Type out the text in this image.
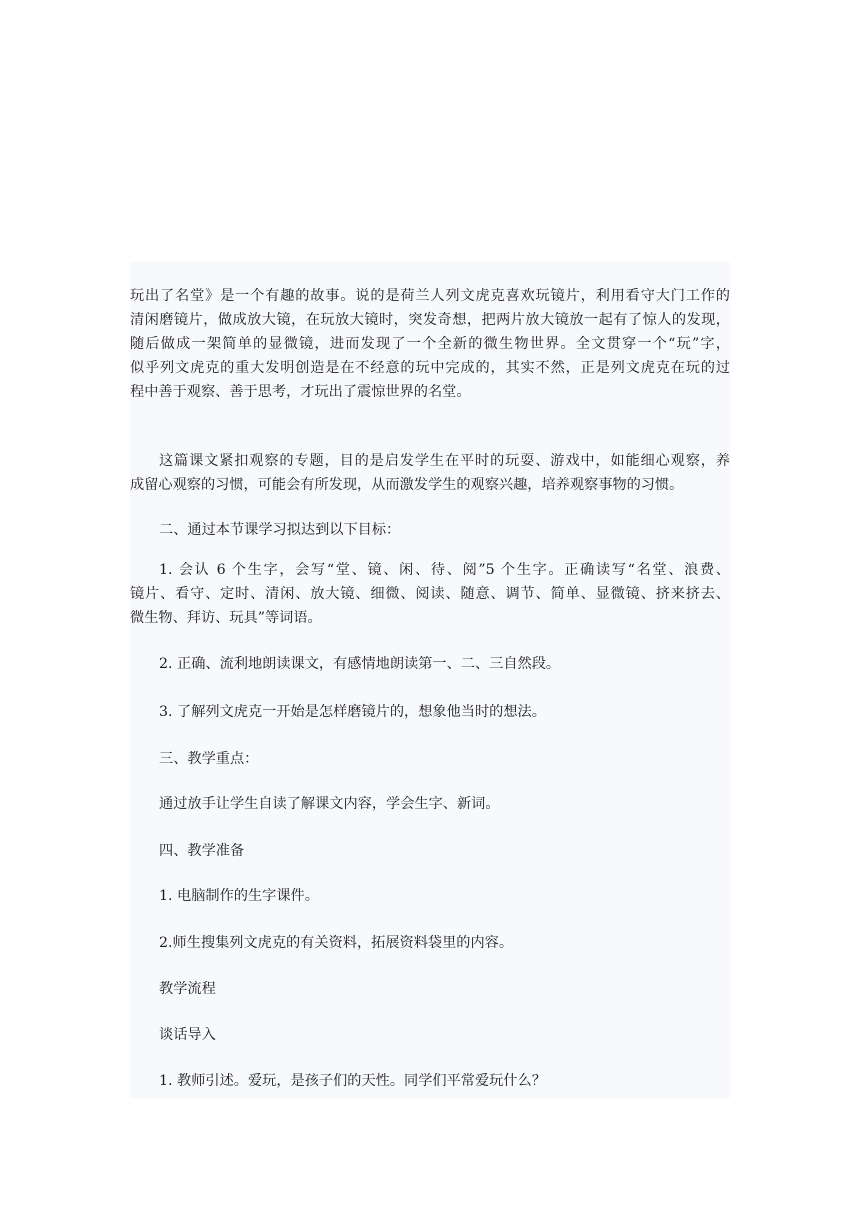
玩出了名堂》是一个有趣的故事。说的是荷兰人列文虎克喜欢玩镜片，利用看守大门工作的
清闲磨镜片，做成放大镜，在玩放大镜时，突发奇想，把两片放大镜放一起有了惊人的发现，
随后做成一架简单的显微镜，进而发现了一个全新的微生物世界。全文贯穿一个“玩”字，
似乎列文虎克的重大发明创造是在不经意的玩中完成的，其实不然，正是列文虎克在玩的过
程中善于观察、善于思考，才玩出了震惊世界的名堂。

这篇课文紧扣观察的专题，目的是启发学生在平时的玩耍、游戏中，如能细心观察，养
成留心观察的习惯，可能会有所发现，从而激发学生的观察兴趣，培养观察事物的习惯。

二、通过本节课学习拟达到以下目标：

1. 会认 6 个生字，会写“堂、镜、闲、待、阅”5 个生字。正确读写“名堂、浪费、
镜片、看守、定时、清闲、放大镜、细微、阅读、随意、调节、简单、显微镜、挤来挤去、
微生物、拜访、玩具”等词语。

2. 正确、流利地朗读课文，有感情地朗读第一、二、三自然段。

3. 了解列文虎克一开始是怎样磨镜片的，想象他当时的想法。

三、教学重点：

通过放手让学生自读了解课文内容，学会生字、新词。

四、教学准备

1. 电脑制作的生字课件。

2.师生搜集列文虎克的有关资料，拓展资料袋里的内容。

教学流程

谈话导入

1. 教师引述。爱玩，是孩子们的天性。同学们平常爱玩什么？
